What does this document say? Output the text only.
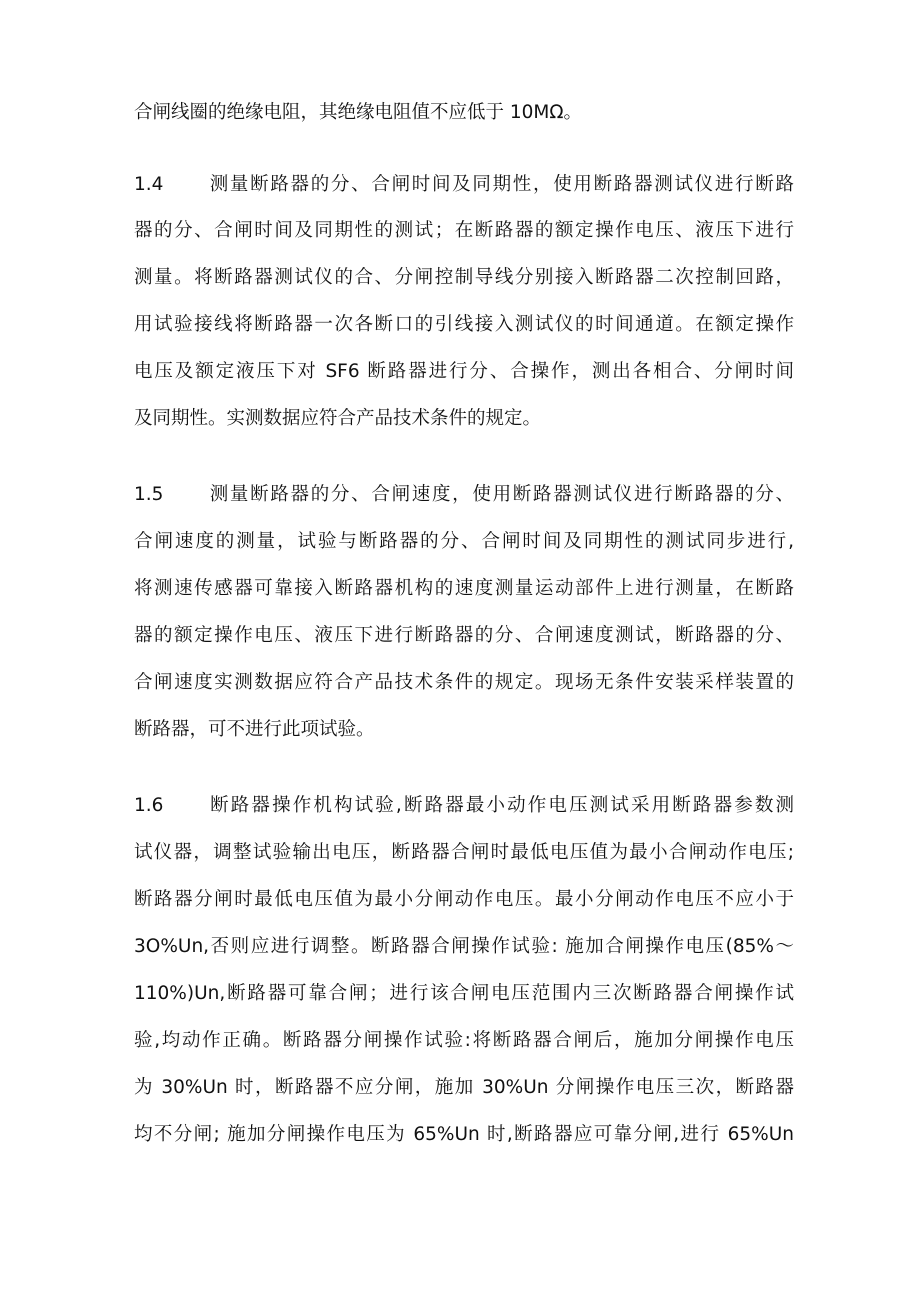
合闸线圈的绝缘电阻，其绝缘电阻值不应低于 10MΩ。
1.4 测量断路器的分、合闸时间及同期性，使用断路器测试仪进行断路
器的分、合闸时间及同期性的测试；在断路器的额定操作电压、液压下进行
测量。将断路器测试仪的合、分闸控制导线分别接入断路器二次控制回路，
用试验接线将断路器一次各断口的引线接入测试仪的时间通道。在额定操作
电压及额定液压下对 SF6 断路器进行分、合操作，测出各相合、分闸时间
及同期性。实测数据应符合产品技术条件的规定。
1.5 测量断路器的分、合闸速度，使用断路器测试仪进行断路器的分、
合闸速度的测量，试验与断路器的分、合闸时间及同期性的测试同步进行,
将测速传感器可靠接入断路器机构的速度测量运动部件上进行测量，在断路
器的额定操作电压、液压下进行断路器的分、合闸速度测试，断路器的分、
合闸速度实测数据应符合产品技术条件的规定。现场无条件安装采样装置的
断路器，可不进行此项试验。
1.6 断路器操作机构试验,断路器最小动作电压测试采用断路器参数测
试仪器，调整试验输出电压，断路器合闸时最低电压值为最小合闸动作电压;
断路器分闸时最低电压值为最小分闸动作电压。最小分闸动作电压不应小于
3O%Un,否则应进行调整。断路器合闸操作试验: 施加合闸操作电压(85%～
110%)Un,断路器可靠合闸；进行该合闸电压范围内三次断路器合闸操作试
验,均动作正确。断路器分闸操作试验:将断路器合闸后，施加分闸操作电压
为 30%Un 时，断路器不应分闸，施加 30%Un 分闸操作电压三次，断路器
均不分闸; 施加分闸操作电压为 65%Un 时,断路器应可靠分闸,进行 65%Un
